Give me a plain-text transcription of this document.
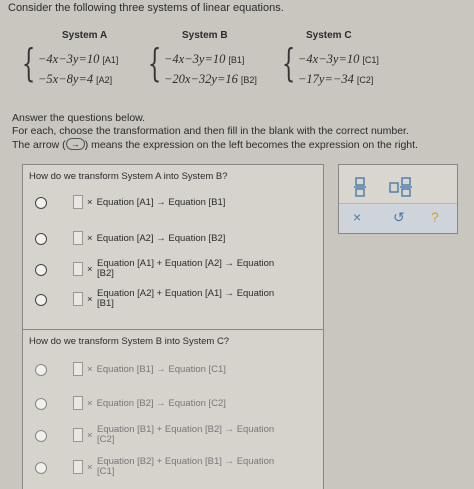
Consider the following three systems of linear equations.
System A	System B	System C
{ −4x−3y=10 [A1]
−5x−8y=4 [A2] { −4x−3y=10 [B1]
−20x−32y=16 [B2] { −4x−3y=10 [C1]
−17y=−34 [C2]
Answer the questions below.
For each, choose the transformation and then fill in the blank with the correct number.
The arrow ( → ) means the expression on the left becomes the expression on the right.
How do we transform System A into System B?
× Equation [A1] → Equation [B1]
× Equation [A2] → Equation [B2]
×
Equation [A1] + Equation [A2] → Equation
[B2]
×
Equation [A2] + Equation [A1] → Equation
[B1]
How do we transform System B into System C?
× Equation [B1] → Equation [C1]
× Equation [B2] → Equation [C2]
×
Equation [B1] + Equation [B2] → Equation
[C2]
×
Equation [B2] + Equation [B1] → Equation
[C1]
× ↺ ?
